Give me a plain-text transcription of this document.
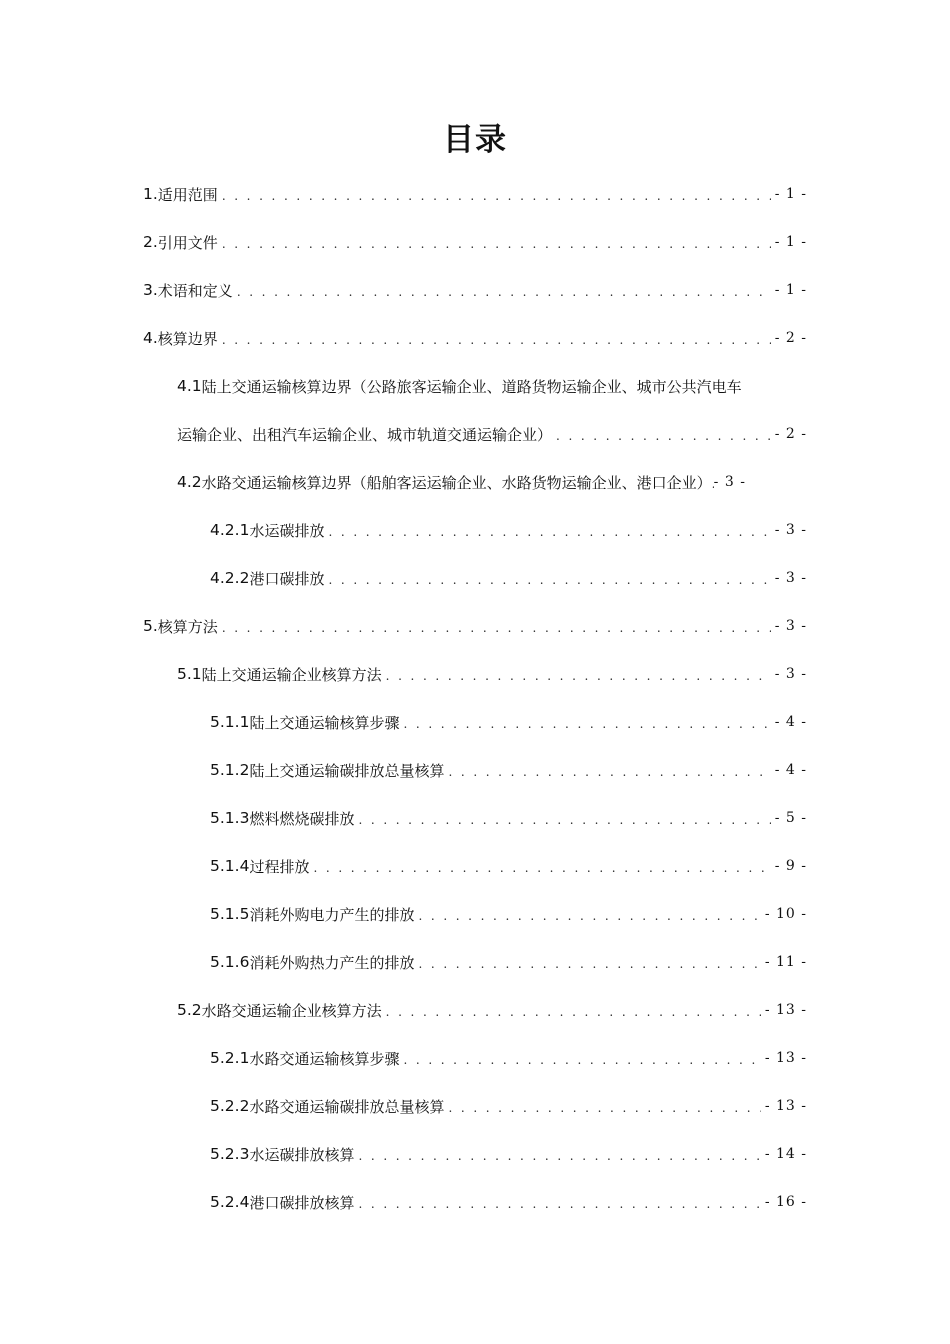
目录
1. 适用范围 . . .	- 1 -
2. 引用文件 . . .	- 1 -
3. 术语和定义 . . .	- 1 -
4. 核算边界 . . .	- 2 -
4.1 陆上交通运输核算边界（公路旅客运输企业、道路货物运输企业、城市公共汽电车
运输企业、出租汽车运输企业、城市轨道交通运输企业） . . .	- 2 -
4.2 水路交通运输核算边界（船舶客运运输企业、水路货物运输企业、港口企业） . . . - 3 -
4.2.1 水运碳排放 . . .	- 3 -
4.2.2 港口碳排放 . . .	- 3 -
5. 核算方法 . . .	- 3 -
5.1 陆上交通运输企业核算方法 . . .	- 3 -
5.1.1 陆上交通运输核算步骤 . . .	- 4 -
5.1.2 陆上交通运输碳排放总量核算 . . .	- 4 -
5.1.3 燃料燃烧碳排放 . . .	- 5 -
5.1.4 过程排放 . . .	- 9 -
5.1.5 消耗外购电力产生的排放 . . .	- 10 -
5.1.6 消耗外购热力产生的排放 . . .	- 11 -
5.2 水路交通运输企业核算方法 . . .	- 13 -
5.2.1 水路交通运输核算步骤 . . .	- 13 -
5.2.2 水路交通运输碳排放总量核算 . . .	- 13 -
5.2.3 水运碳排放核算 . . .	- 14 -
5.2.4 港口碳排放核算 . . .	- 16 -
